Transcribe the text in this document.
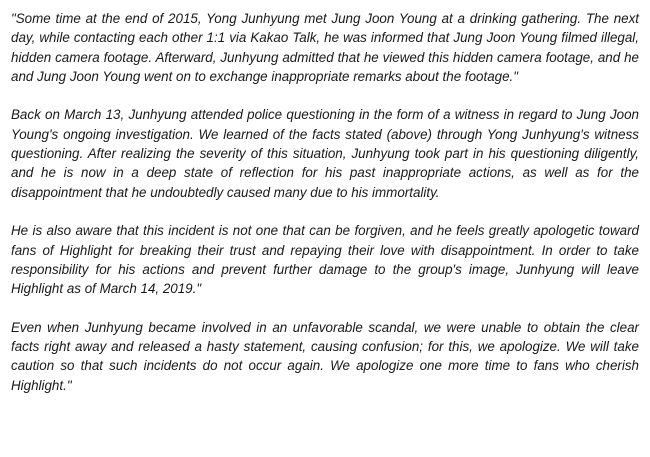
"Some time at the end of 2015, Yong Junhyung met Jung Joon Young at a drinking gathering. The next day, while contacting each other 1:1 via Kakao Talk, he was informed that Jung Joon Young filmed illegal, hidden camera footage. Afterward, Junhyung admitted that he viewed this hidden camera footage, and he and Jung Joon Young went on to exchange inappropriate remarks about the footage."

Back on March 13, Junhyung attended police questioning in the form of a witness in regard to Jung Joon Young's ongoing investigation. We learned of the facts stated (above) through Yong Junhyung's witness questioning. After realizing the severity of this situation, Junhyung took part in his questioning diligently, and he is now in a deep state of reflection for his past inappropriate actions, as well as for the disappointment that he undoubtedly caused many due to his immortality.

He is also aware that this incident is not one that can be forgiven, and he feels greatly apologetic toward fans of Highlight for breaking their trust and repaying their love with disappointment. In order to take responsibility for his actions and prevent further damage to the group's image, Junhyung will leave Highlight as of March 14, 2019."

Even when Junhyung became involved in an unfavorable scandal, we were unable to obtain the clear facts right away and released a hasty statement, causing confusion; for this, we apologize. We will take caution so that such incidents do not occur again. We apologize one more time to fans who cherish Highlight."
